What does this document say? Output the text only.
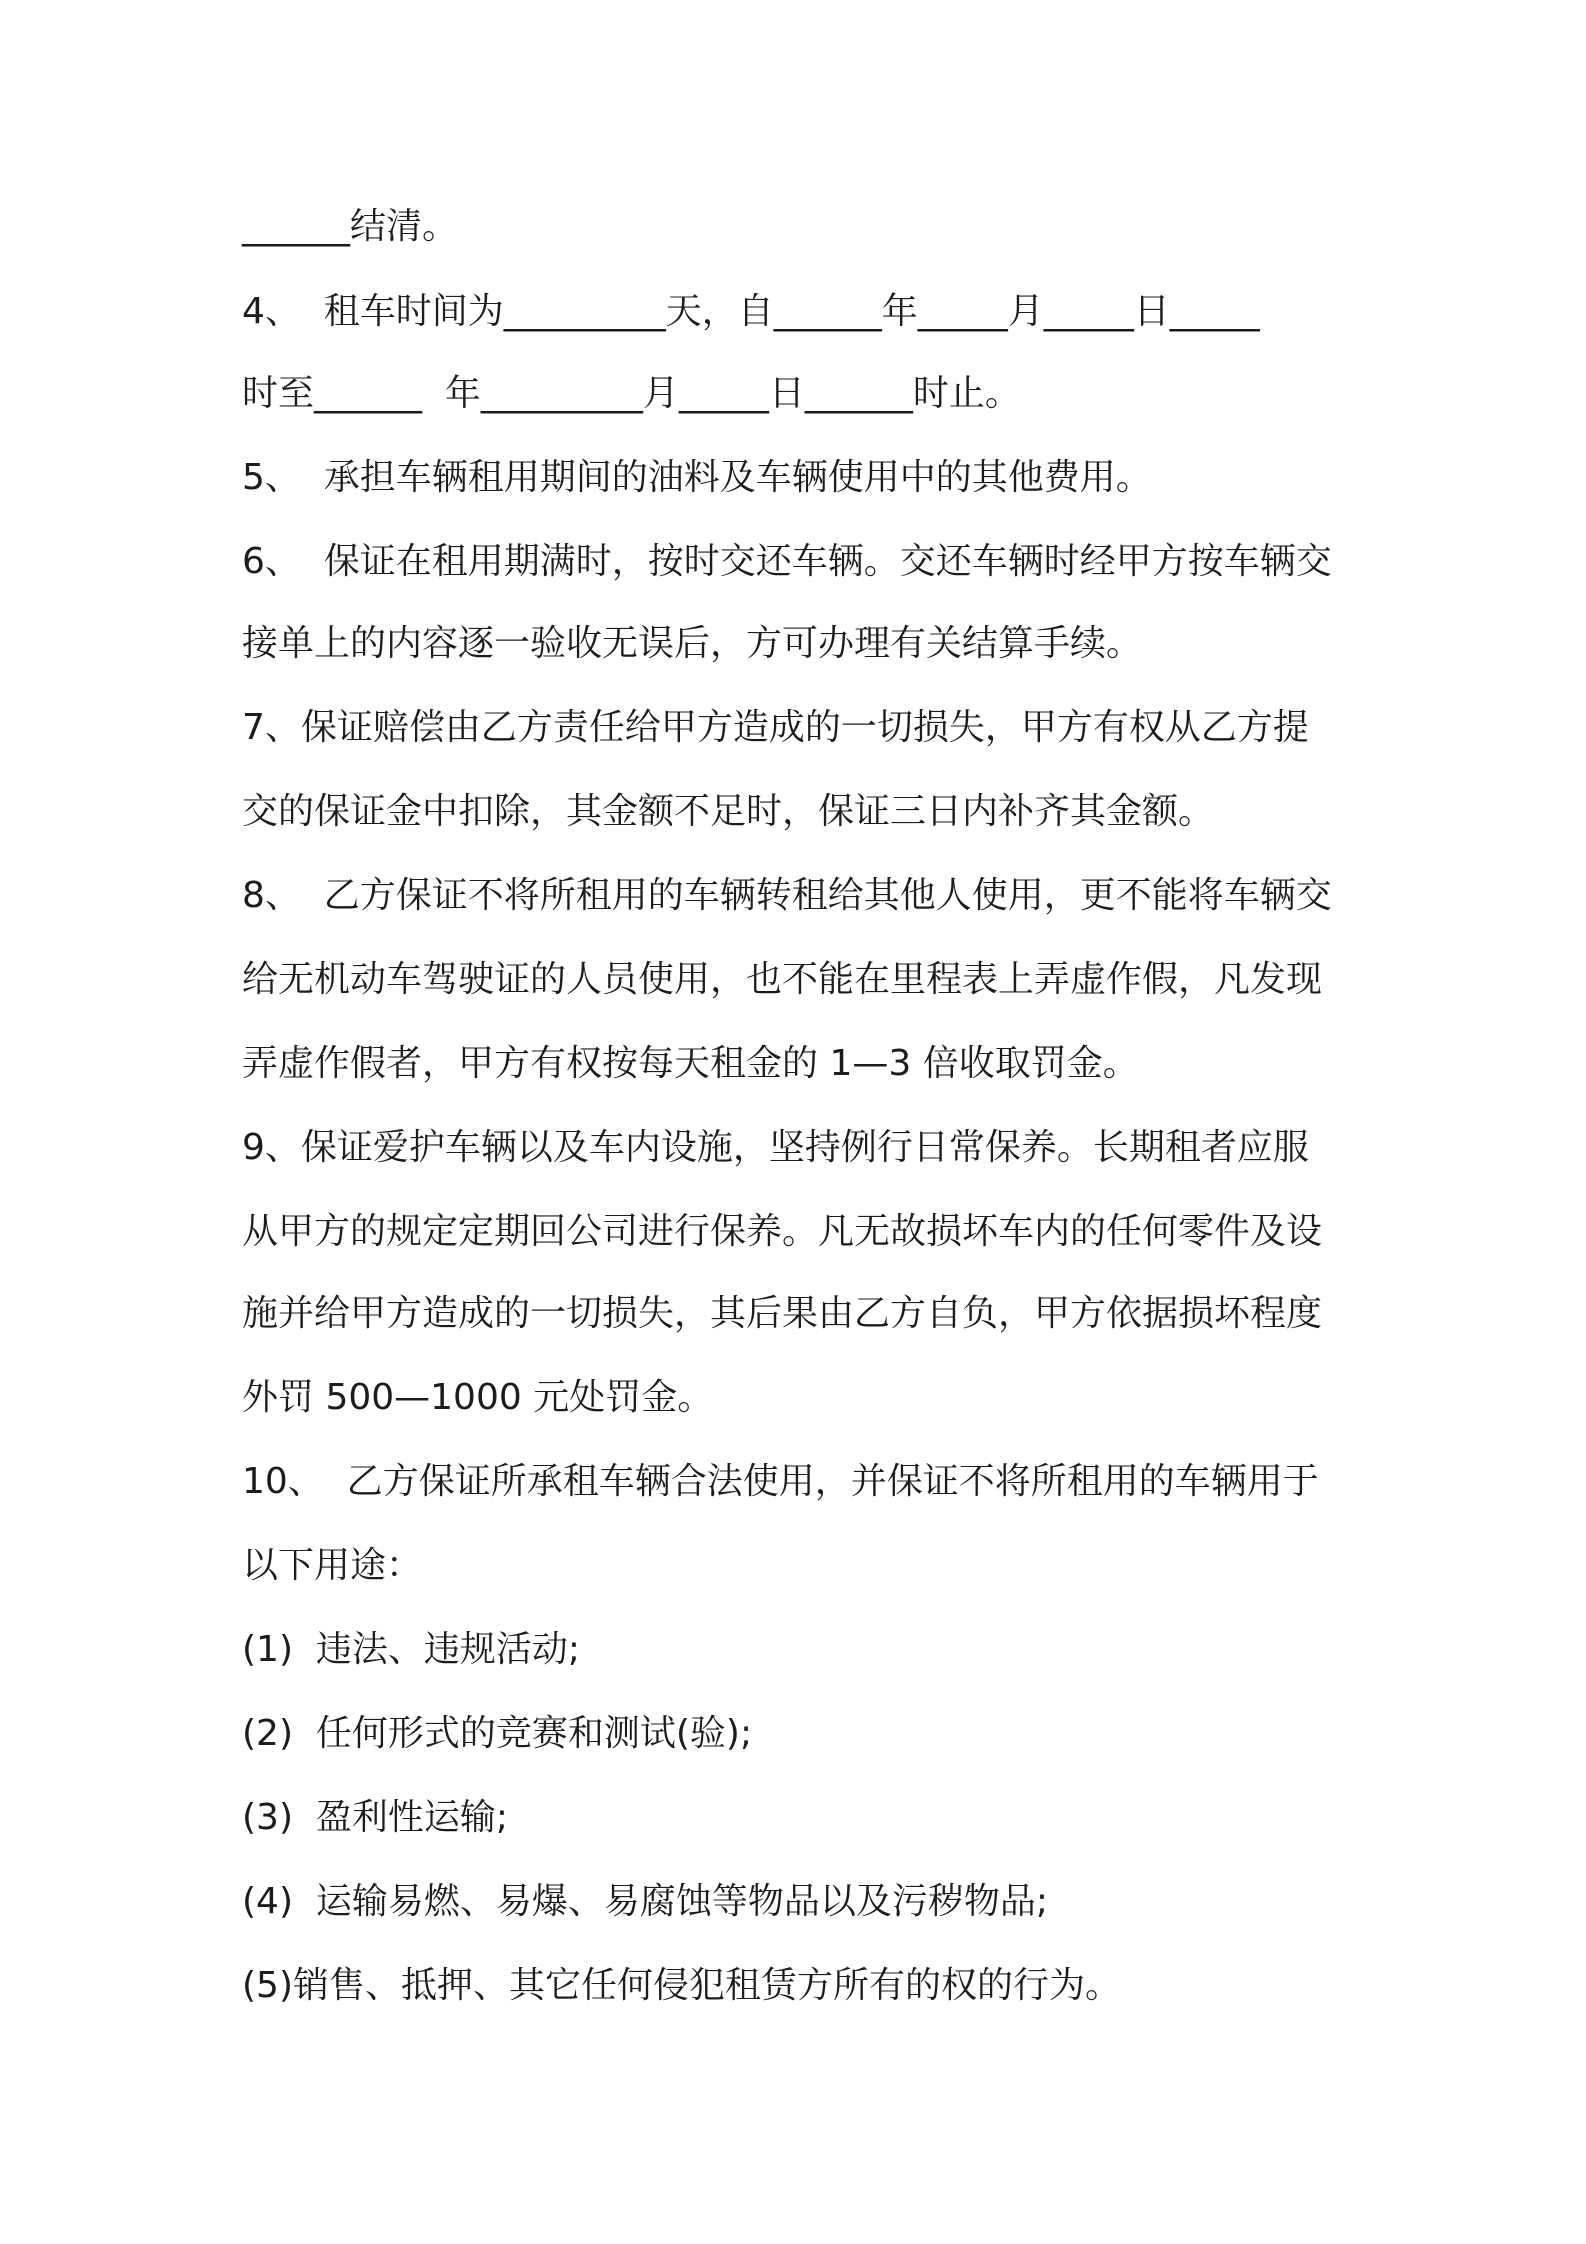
______结清。
4、  租车时间为_________天，自______年_____月_____日_____
时至______  年_________月_____日______时止。
5、  承担车辆租用期间的油料及车辆使用中的其他费用。
6、  保证在租用期满时，按时交还车辆。交还车辆时经甲方按车辆交
接单上的内容逐一验收无误后，方可办理有关结算手续。
7、保证赔偿由乙方责任给甲方造成的一切损失，甲方有权从乙方提
交的保证金中扣除，其金额不足时，保证三日内补齐其金额。
8、  乙方保证不将所租用的车辆转租给其他人使用，更不能将车辆交
给无机动车驾驶证的人员使用，也不能在里程表上弄虚作假，凡发现
弄虚作假者，甲方有权按每天租金的 1—3 倍收取罚金。
9、保证爱护车辆以及车内设施，坚持例行日常保养。长期租者应服
从甲方的规定定期回公司进行保养。凡无故损坏车内的任何零件及设
施并给甲方造成的一切损失，其后果由乙方自负，甲方依据损坏程度
外罚 500—1000 元处罚金。
10、  乙方保证所承租车辆合法使用，并保证不将所租用的车辆用于
以下用途：
(1)  违法、违规活动;
(2)  任何形式的竞赛和测试(验);
(3)  盈利性运输;
(4)  运输易燃、易爆、易腐蚀等物品以及污秽物品;
(5)销售、抵押、其它任何侵犯租赁方所有的权的行为。
